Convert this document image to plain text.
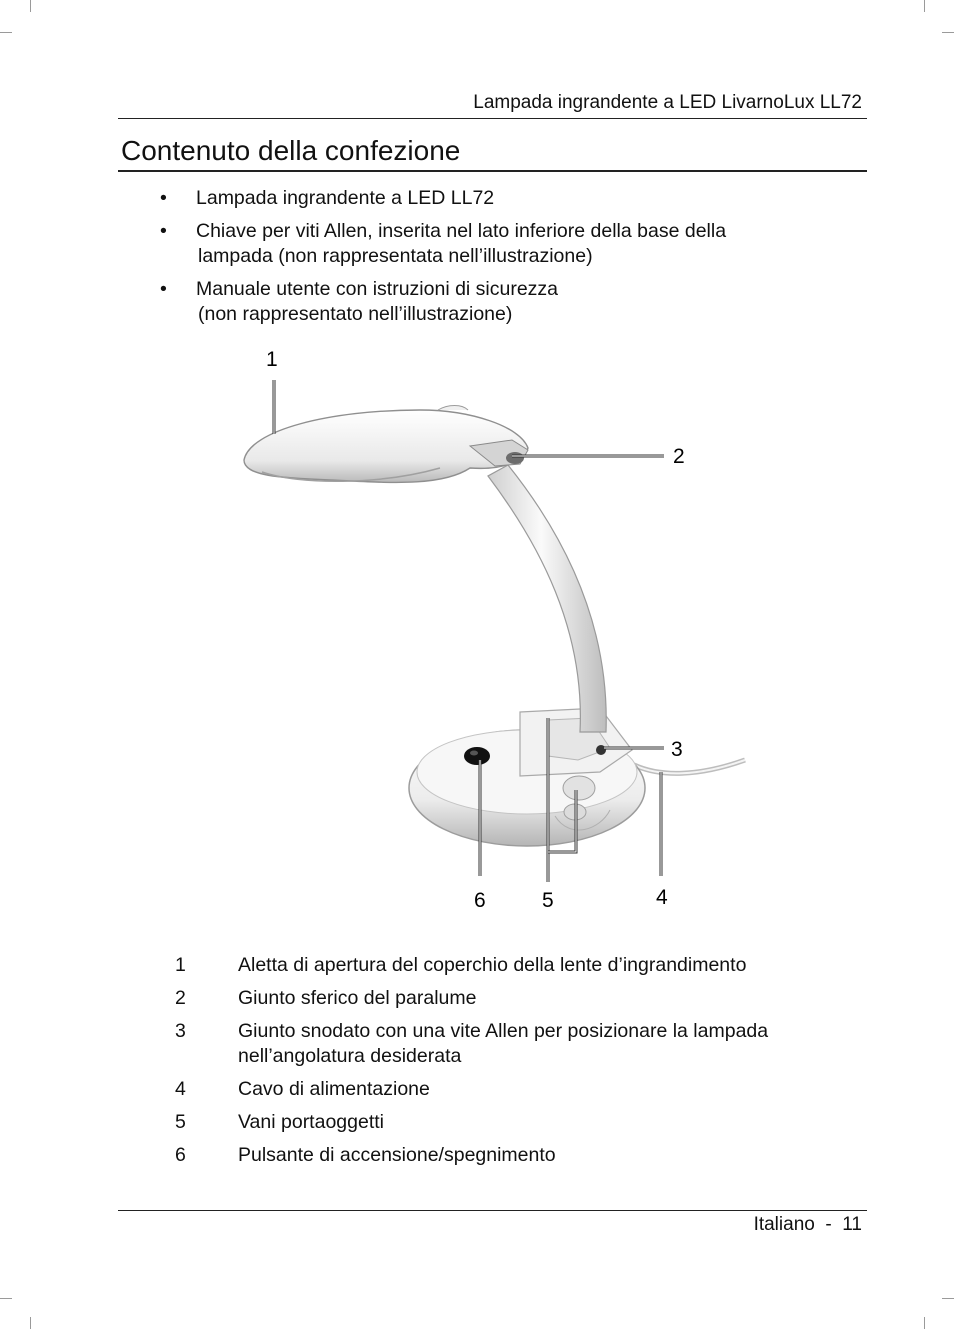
Lampada ingrandente a LED LivarnoLux LL72
Contenuto della confezione
• Lampada ingrandente a LED LL72
• Chiave per viti Allen, inserita nel lato inferiore della base della
lampada (non rappresentata nell’illustrazione)
• Manuale utente con istruzioni di sicurezza
(non rappresentato nell’illustrazione)
1
2
3
4
5
6
1	Aletta di apertura del coperchio della lente d’ingrandimento
2	Giunto sferico del paralume
3	Giunto snodato con una vite Allen per posizionare la lampada
nell’angolatura desiderata
4	Cavo di alimentazione
5	Vani portaoggetti
6	Pulsante di accensione/spegnimento
Italiano  -  11
